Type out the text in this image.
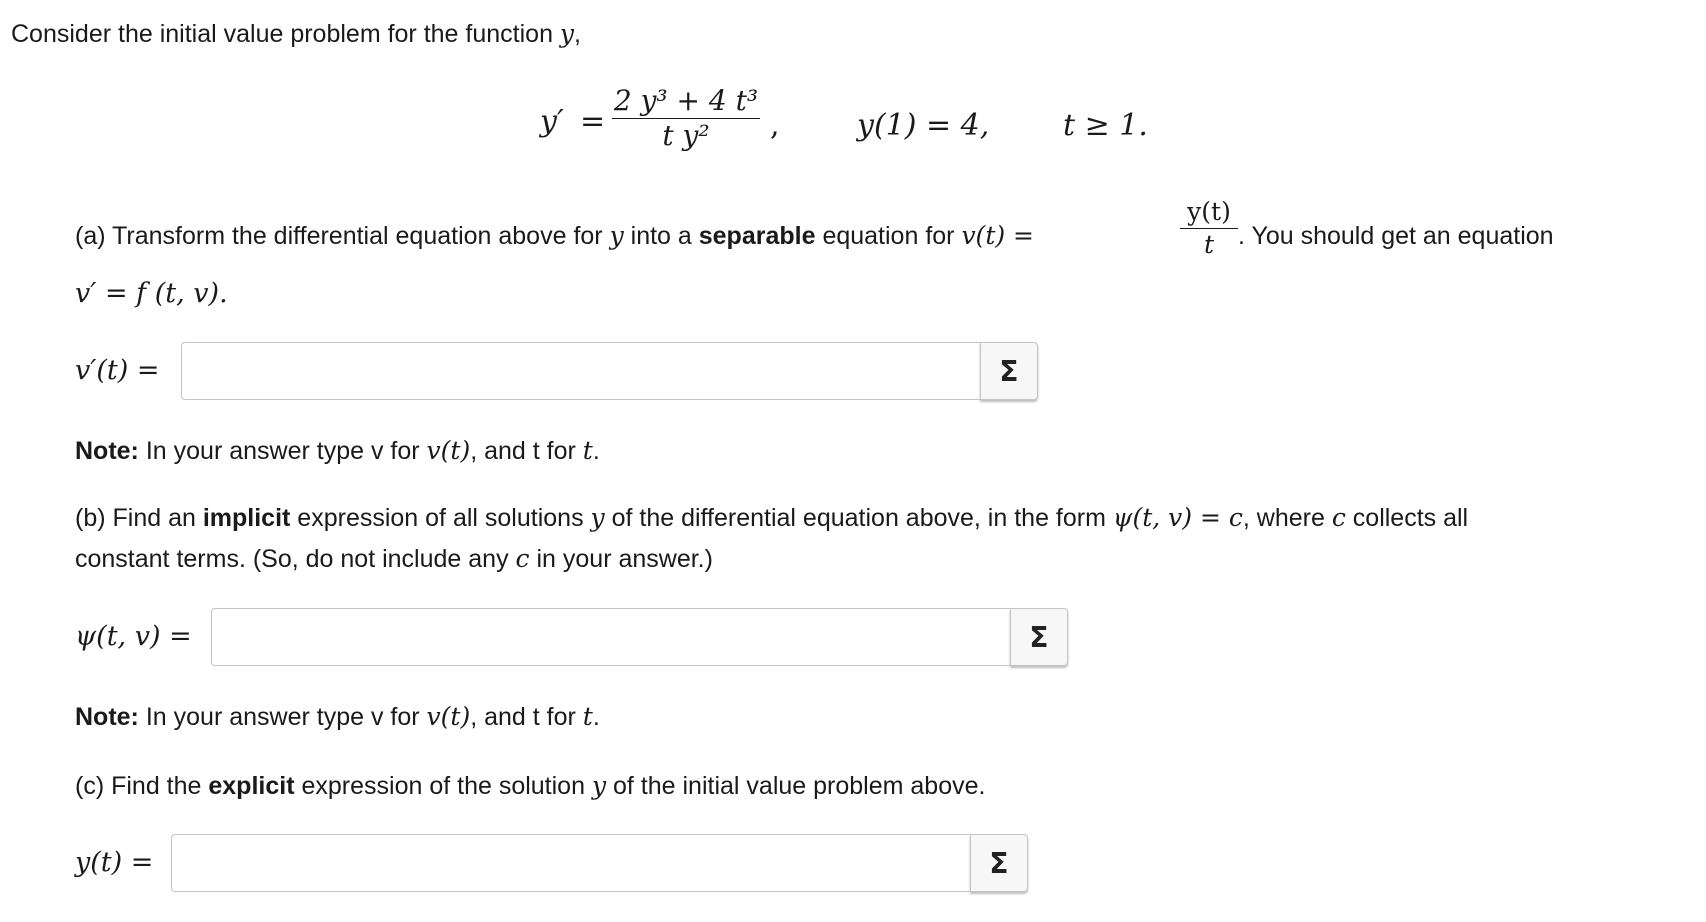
Consider the initial value problem for the function y,
y′ =
2 y³ + 4 t³
t y²	,	y(1) = 4, t ≥ 1.
(a) Transform the differential equation above for y into a separable equation for v(t) =
y(t)
t . You should get an equation
v′ = f (t, v).
v′(t) =	Σ
Note: In your answer type v for v(t), and t for t.
(b) Find an implicit expression of all solutions y of the differential equation above, in the form ψ(t, v) = c, where c collects all
constant terms. (So, do not include any c in your answer.)
ψ(t, v) =	Σ
Note: In your answer type v for v(t), and t for t.
(c) Find the explicit expression of the solution y of the initial value problem above.
y(t) =	Σ
